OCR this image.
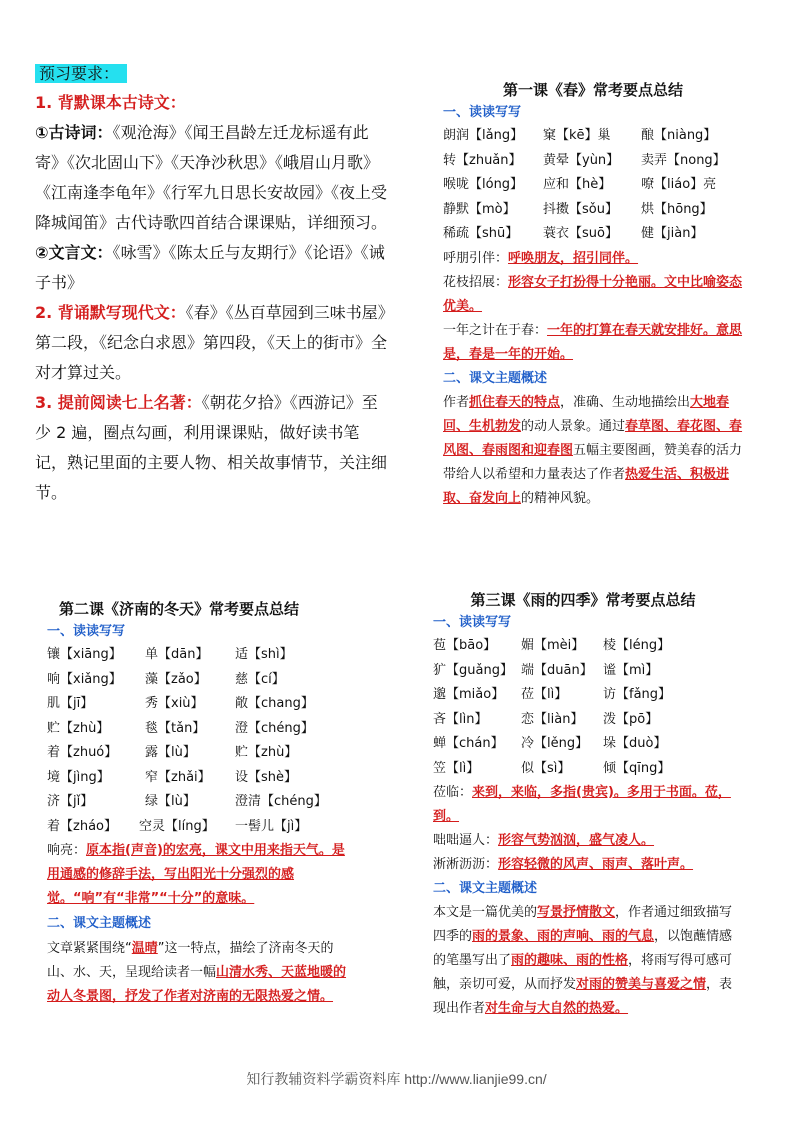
预习要求：
1. 背默课本古诗文：
①古诗词：《观沧海》《闻王昌龄左迁龙标遥有此寄》《次北固山下》《天净沙秋思》《峨眉山月歌》《江南逢李龟年》《行军九日思长安故园》《夜上受降城闻笛》古代诗歌四首结合课课贴，详细预习。
②文言文：《咏雪》《陈太丘与友期行》《论语》《诫子书》
2. 背诵默写现代文：《春》《丛百草园到三味书屋》第二段，《纪念白求恩》第四段，《天上的街市》全对才算过关。
3. 提前阅读七上名著：《朝花夕拾》《西游记》至少 2 遍，圈点勾画，利用课课贴，做好读书笔记，熟记里面的主要人物、相关故事情节，关注细节。
第一课《春》常考要点总结
一、读读写写
朗润【lǎng】	窠【kē】巢	酿【niàng】
转【zhuǎn】	黄晕【yùn】	卖弄【nong】
喉咙【lóng】	应和【hè】	嘹【liáo】亮
静默【mò】	抖擞【sǒu】	烘【hōng】
稀疏【shū】	蓑衣【suō】	健【jiàn】
呼朋引伴：呼唤朋友，招引同伴。
花枝招展：形容女子打扮得十分艳丽。文中比喻姿态优美。
一年之计在于春：一年的打算在春天就安排好。意思是，春是一年的开始。
二、课文主题概述
作者抓住春天的特点，准确、生动地描绘出大地春回、生机勃发的动人景象。通过春草图、春花图、春风图、春雨图和迎春图五幅主要图画，赞美春的活力带给人以希望和力量表达了作者热爱生活、积极进取、奋发向上的精神风貌。
第二课《济南的冬天》常考要点总结
一、读读写写
镶【xiāng】	单【dān】	适【shì】
响【xiǎng】	藻【zǎo】	慈【cí】
肌【jī】	秀【xiù】	敞【chang】
贮【zhù】	毯【tǎn】	澄【chéng】
着【zhuó】	露【lù】	贮【zhù】
境【jìng】	窄【zhǎi】	设【shè】
济【jǐ】	绿【lù】	澄清【chéng】
着【zháo】	空灵【líng】	一髻儿【jì】
响亮：原本指(声音)的宏亮，课文中用来指天气。是用通感的修辞手法，写出阳光十分强烈的感觉。“响”有“非常”“十分”的意味。
二、课文主题概述
文章紧紧围绕“温晴”这一特点，描绘了济南冬天的山、水、天，呈现给读者一幅山清水秀、天蓝地暖的动人冬景图，抒发了作者对济南的无限热爱之情。
第三课《雨的四季》常考要点总结
一、读读写写
苞【bāo】	媚【mèi】	棱【léng】
犷【guǎng】 端【duān】 谧【mì】
邈【miǎo】	莅【lì】	访【fǎng】
吝【lìn】	恋【liàn】	泼【pō】
蝉【chán】	冷【lěng】	垛【duò】
笠【lì】	似【sì】	倾【qīng】
莅临：来到，来临，多指(贵宾)。多用于书面。莅，到。
咄咄逼人：形容气势汹汹，盛气凌人。
淅淅沥沥：形容轻微的风声、雨声、落叶声。
二、课文主题概述
本文是一篇优美的写景抒情散文，作者通过细致描写四季的雨的景象、雨的声响、雨的气息，以饱蘸情感的笔墨写出了雨的趣味、雨的性格，将雨写得可感可触，亲切可爱，从而抒发对雨的赞美与喜爱之情，表现出作者对生命与大自然的热爱。
知行教辅资料学霸资料库 http://www.lianjie99.cn/
